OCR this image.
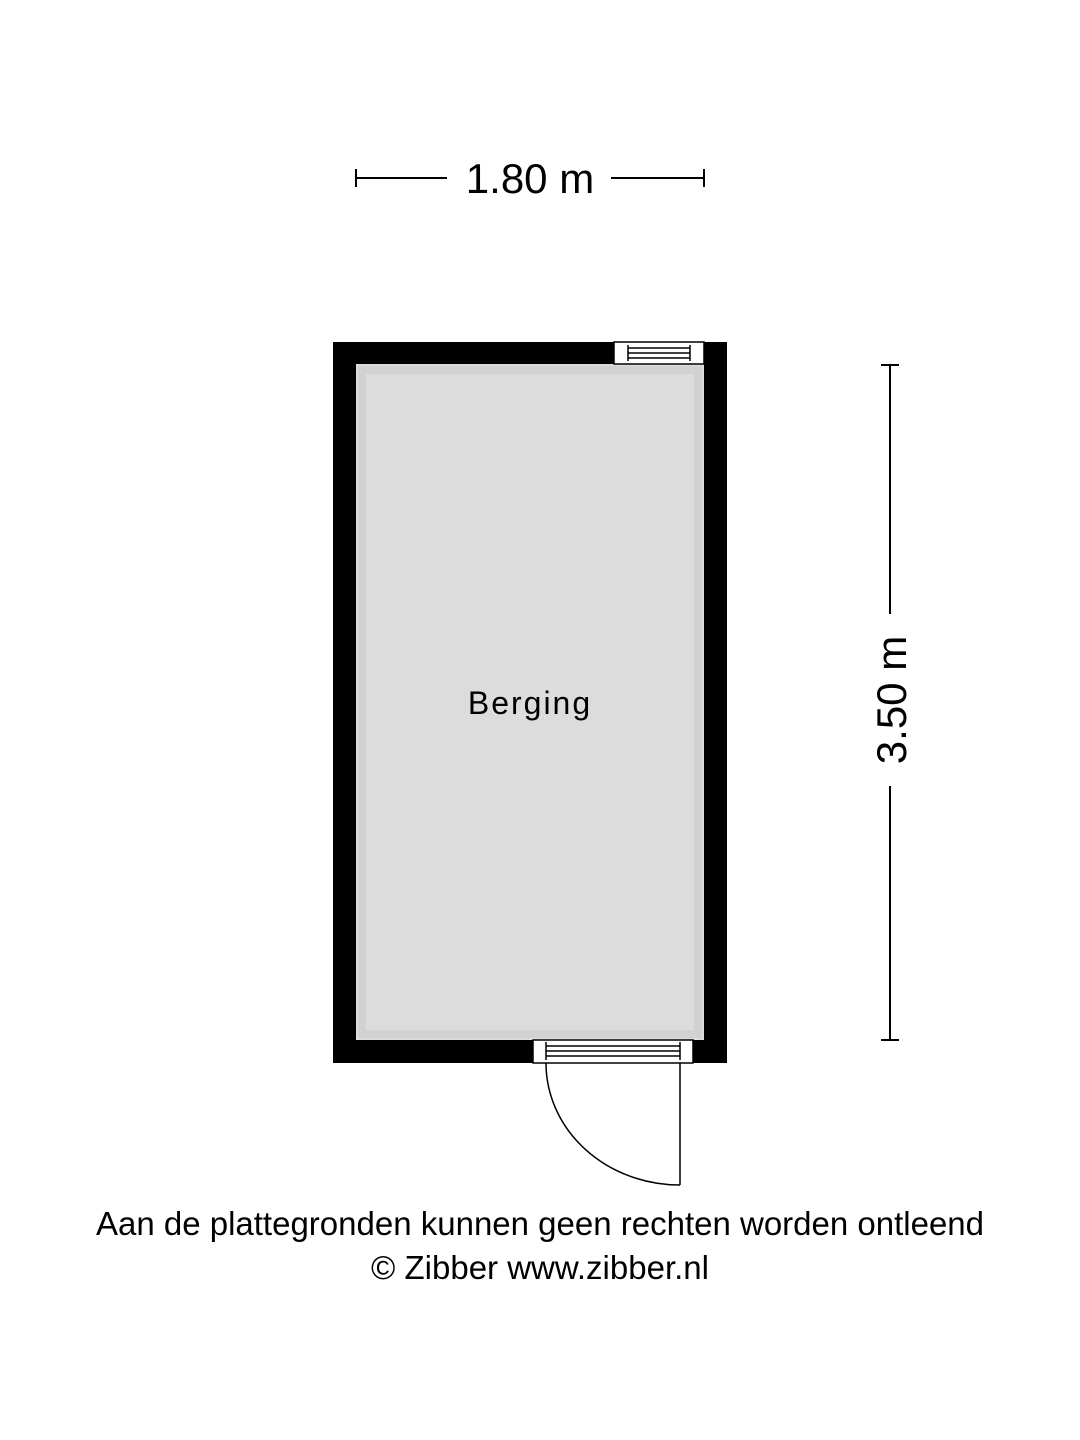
1.80 m
3.50 m
Berging
Aan de plattegronden kunnen geen rechten worden ontleend
© Zibber www.zibber.nl
